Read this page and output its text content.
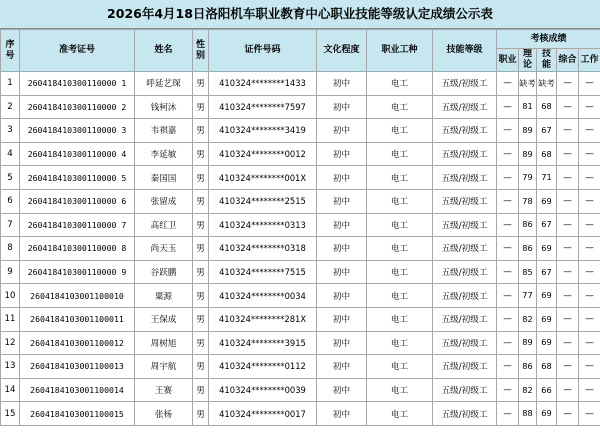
2026年4月18日洛阳机车职业教育中心职业技能等级认定成绩公示表
序号	准考证号	姓名	性别	证件号码	文化程度	职业工种	技能等级	考核成绩				
								职业	理论	技能	综合	工作
1	260418410300110000 1	呼延艺琛	男	410324********1433	初中	电工	五级/初级工	—	缺考	缺考	—	—
2	260418410300110000 2	钱柯沐	男	410324********7597	初中	电工	五级/初级工	—	81	68	—	—
3	260418410300110000 3	韦祺嘉	男	410324********3419	初中	电工	五级/初级工	—	89	67	—	—
4	260418410300110000 4	李延敏	男	410324********0012	初中	电工	五级/初级工	—	89	68	—	—
5	260418410300110000 5	秦国国	男	410324********001X	初中	电工	五级/初级工	—	79	71	—	—
6	260418410300110000 6	张留成	男	410324********2515	初中	电工	五级/初级工	—	78	69	—	—
7	260418410300110000 7	高红卫	男	410324********0313	初中	电工	五级/初级工	—	86	67	—	—
8	260418410300110000 8	尚天玉	男	410324********0318	初中	电工	五级/初级工	—	86	69	—	—
9	260418410300110000 9	谷跃鹏	男	410324********7515	初中	电工	五级/初级工	—	85	67	—	—
10	2604184103001100010	粟源	男	410324********0034	初中	电工	五级/初级工	—	77	69	—	—
11	2604184103001100011	王保成	男	410324********281X	初中	电工	五级/初级工	—	82	69	—	—
12	2604184103001100012	周树旭	男	410324********3915	初中	电工	五级/初级工	—	89	69	—	—
13	2604184103001100013	周宇航	男	410324********0112	初中	电工	五级/初级工	—	86	68	—	—
14	2604184103001100014	王赛	男	410324********0039	初中	电工	五级/初级工	—	82	66	—	—
15	2604184103001100015	张杨	男	410324********0017	初中	电工	五级/初级工	—	88	69	—	—
